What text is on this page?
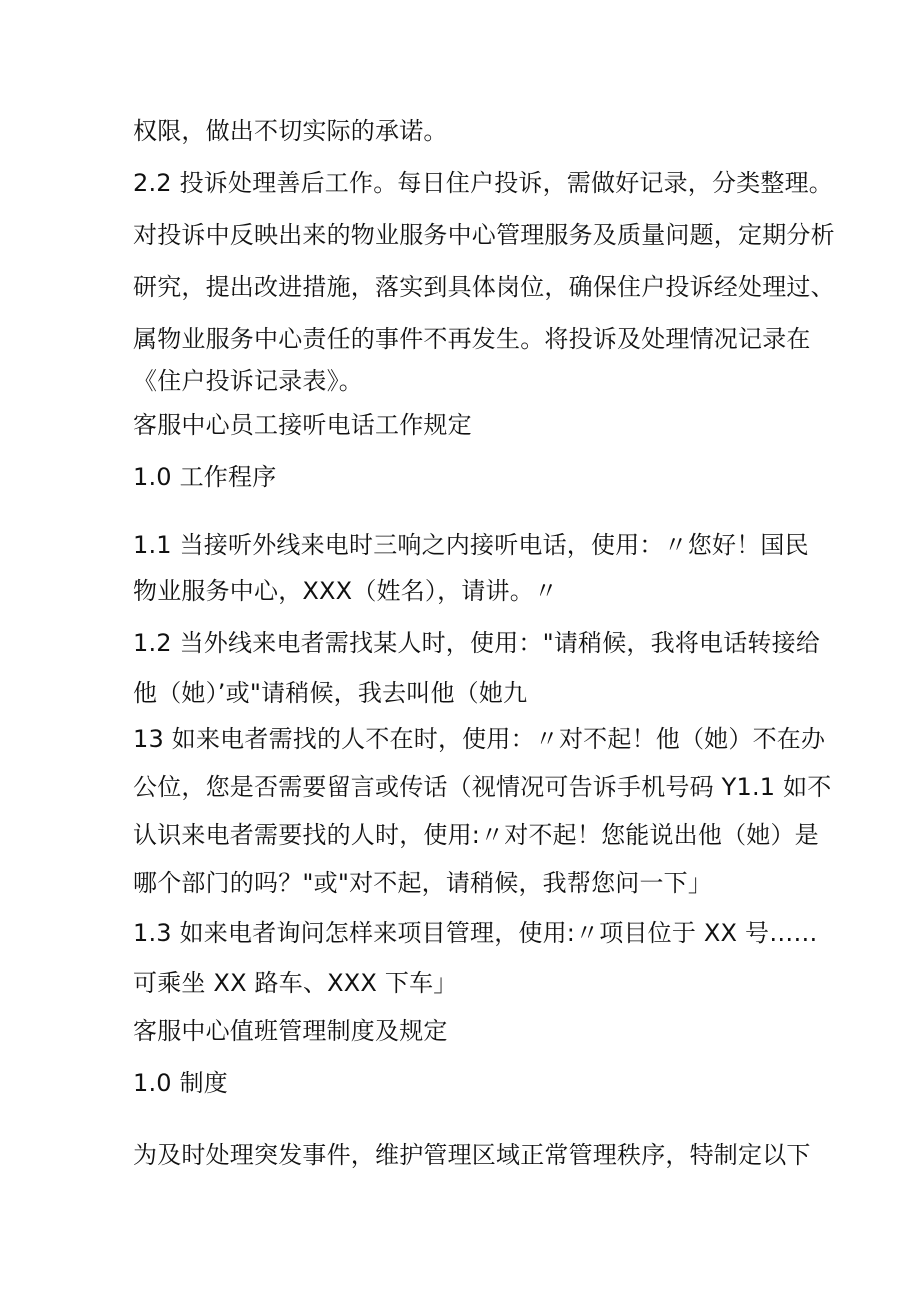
权限，做出不切实际的承诺。
2.2 投诉处理善后工作。每日住户投诉，需做好记录，分类整理。
对投诉中反映出来的物业服务中心管理服务及质量问题，定期分析
研究，提出改进措施，落实到具体岗位，确保住户投诉经处理过、
属物业服务中心责任的事件不再发生。将投诉及处理情况记录在
《住户投诉记录表》。
客服中心员工接听电话工作规定
1.0 工作程序
1.1 当接听外线来电时三响之内接听电话，使用：〃您好！国民
物业服务中心，XXX（姓名），请讲。〃
1.2 当外线来电者需找某人时，使用："请稍候，我将电话转接给
他（她）’或"请稍候，我去叫他（她九
13 如来电者需找的人不在时，使用：〃对不起！他（她）不在办
公位，您是否需要留言或传话（视情况可告诉手机号码 Y1.1 如不
认识来电者需要找的人时，使用:〃对不起！您能说出他（她）是
哪个部门的吗？"或"对不起，请稍候，我帮您问一下」
1.3 如来电者询问怎样来项目管理，使用:〃项目位于 XX 号……
可乘坐 XX 路车、XXX 下车」
客服中心值班管理制度及规定
1.0 制度
为及时处理突发事件，维护管理区域正常管理秩序，特制定以下
